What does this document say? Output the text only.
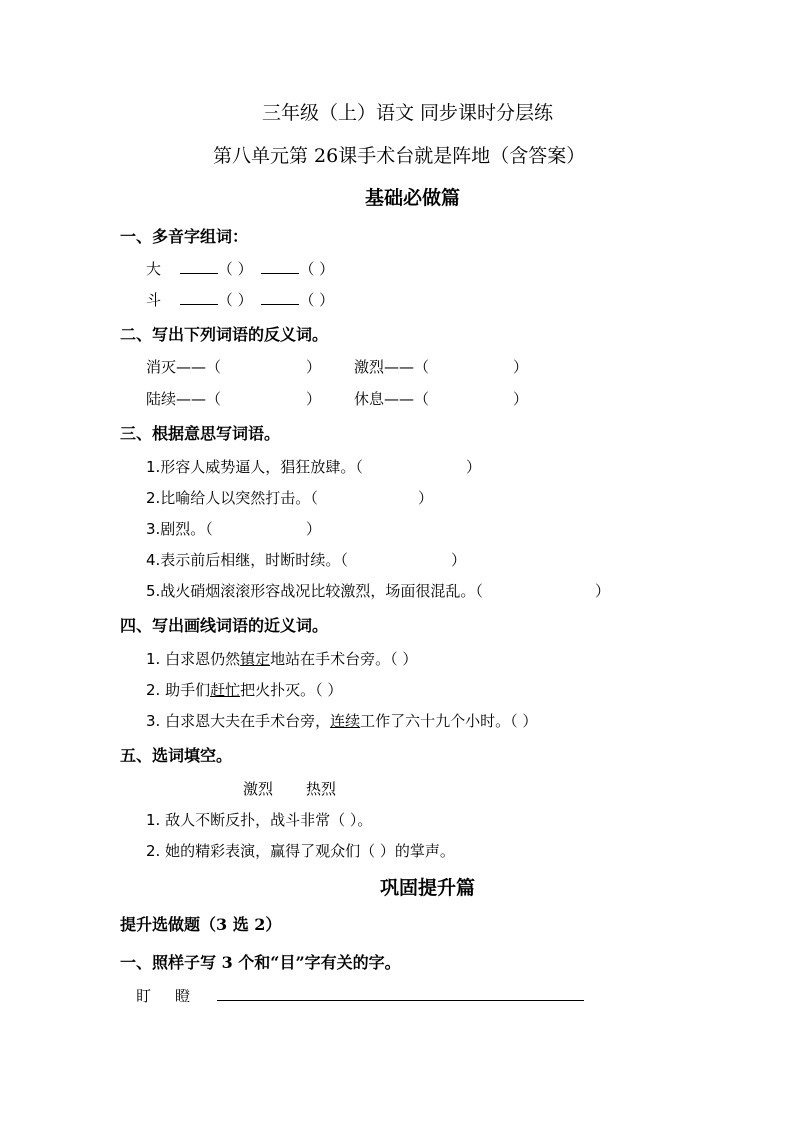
三年级（上）语文 同步课时分层练
第八单元第 26课手术台就是阵地（含答案）
基础必做篇
一、多音字组词：
大	（ ）	（ ）
斗	（ ）	（ ）
二、写出下列词语的反义词。
消灭——（	） 激烈——（	）
陆续——（	） 休息——（	）
三、根据意思写词语。
1.形容人威势逼人，猖狂放肆。（	）
2.比喻给人以突然打击。（	）
3.剧烈。（	）
4.表示前后相继，时断时续。（	）
5.战火硝烟滚滚形容战况比较激烈，场面很混乱。（	）
四、写出画线词语的近义词。
1. 白求恩仍然镇定地站在手术台旁。（ ）
2. 助手们赶忙把火扑灭。（ ）
3. 白求恩大夫在手术台旁，连续工作了六十九个小时。（ ）
五、选词填空。
激烈 热烈
1. 敌人不断反扑，战斗非常（ ）。
2. 她的精彩表演，赢得了观众们（ ）的掌声。
巩固提升篇
提升选做题（3 选 2）
一、照样子写 3 个和“目”字有关的字。
盯 瞪
